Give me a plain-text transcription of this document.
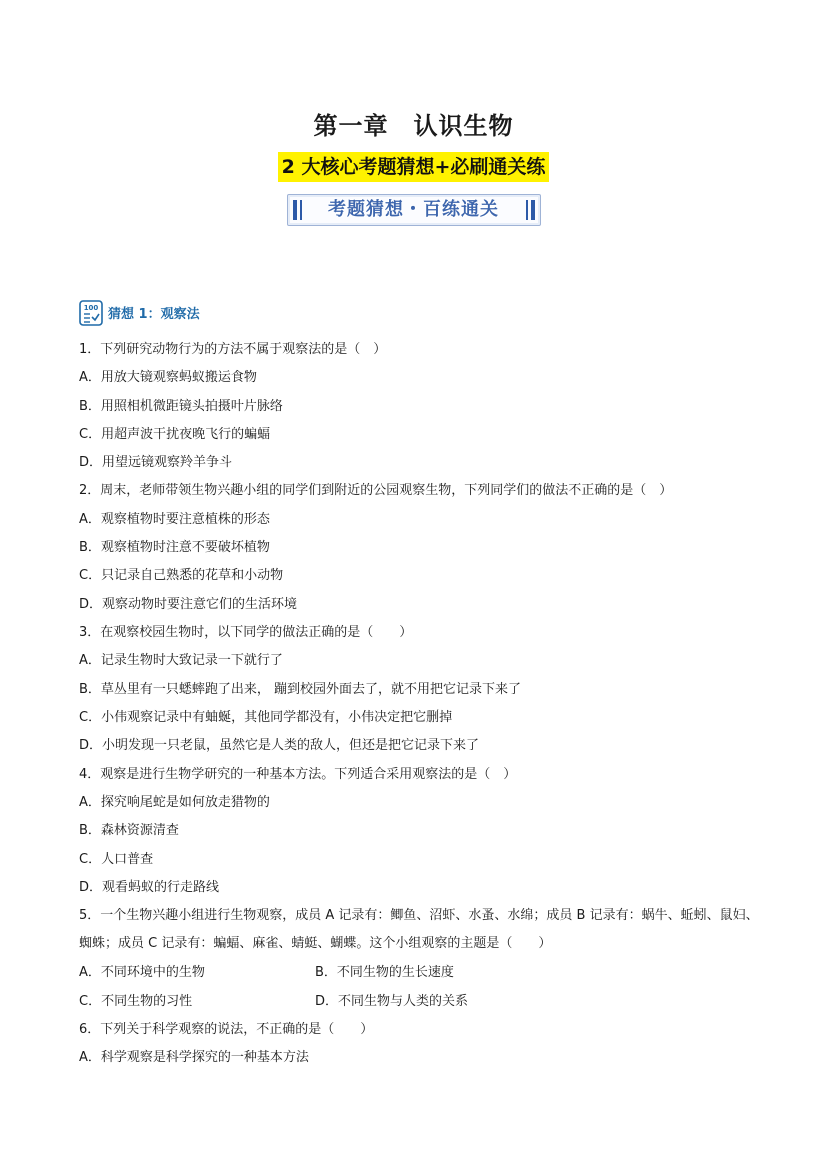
第一章　认识生物
2 大核心考题猜想+必刷通关练
考题猜想・百练通关
100 猜想 1：观察法
1．下列研究动物行为的方法不属于观察法的是（　）
A．用放大镜观察蚂蚁搬运食物
B．用照相机微距镜头拍摄叶片脉络
C．用超声波干扰夜晚飞行的蝙蝠
D．用望远镜观察羚羊争斗
2．周末，老师带领生物兴趣小组的同学们到附近的公园观察生物，下列同学们的做法不正确的是（　）
A．观察植物时要注意植株的形态
B．观察植物时注意不要破坏植物
C．只记录自己熟悉的花草和小动物
D．观察动物时要注意它们的生活环境
3．在观察校园生物时，以下同学的做法正确的是（　　）
A．记录生物时大致记录一下就行了
B．草丛里有一只蟋蟀跑了出来， 蹦到校园外面去了，就不用把它记录下来了
C．小伟观察记录中有蚰蜒，其他同学都没有，小伟决定把它删掉
D．小明发现一只老鼠，虽然它是人类的敌人，但还是把它记录下来了
4．观察是进行生物学研究的一种基本方法。下列适合采用观察法的是（　）
A．探究响尾蛇是如何放走猎物的
B．森林资源清查
C．人口普查
D．观看蚂蚁的行走路线
5．一个生物兴趣小组进行生物观察，成员 A 记录有：鲫鱼、沼虾、水蚤、水绵；成员 B 记录有：蜗牛、蚯蚓、鼠妇、蜘蛛；成员 C 记录有：蝙蝠、麻雀、蜻蜓、蝴蝶。这个小组观察的主题是（　　）
A．不同环境中的生物	B．不同生物的生长速度
C．不同生物的习性	D．不同生物与人类的关系
6．下列关于科学观察的说法，不正确的是（　　）
A．科学观察是科学探究的一种基本方法
